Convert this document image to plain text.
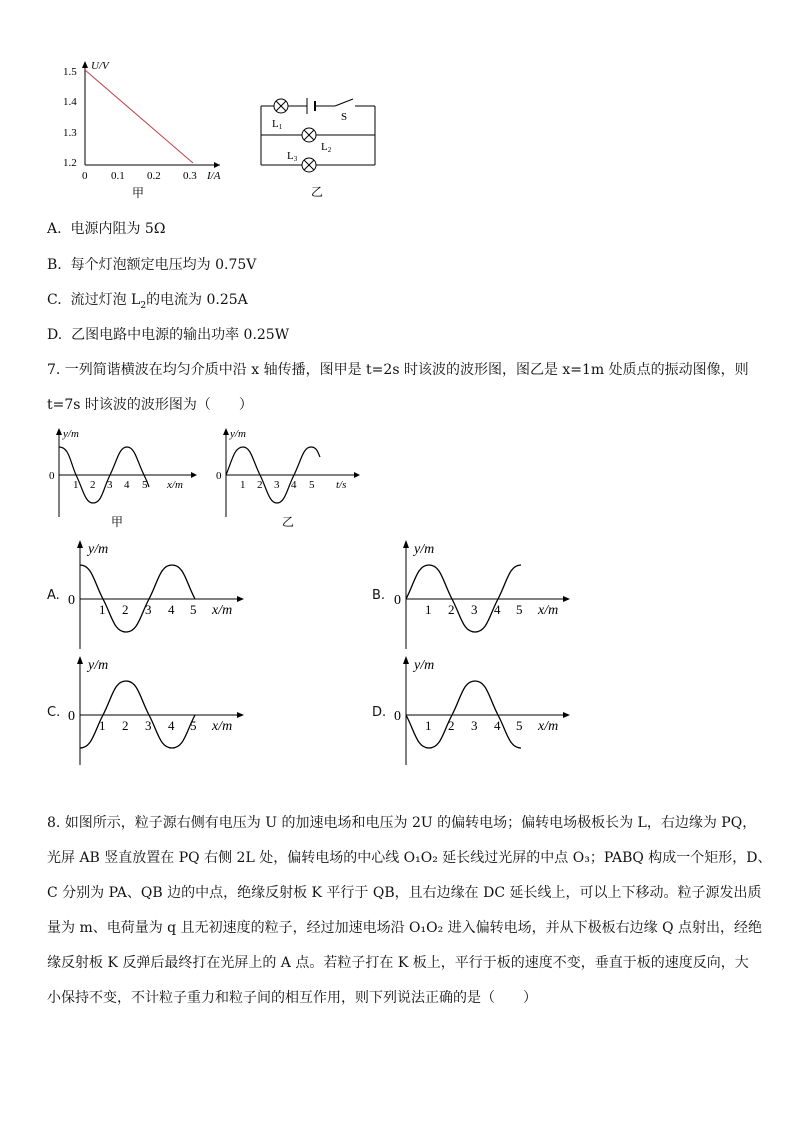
U/V
1.5
1.4
1.3
1.2
0 0.1 0.2 0.3 I/A
甲
L1
S
L2
L3
乙
A. 电源内阻为 5Ω
B. 每个灯泡额定电压均为 0.75V
C. 流过灯泡 $L_2$的电流为 0.25A
D. 乙图电路中电源的输出功率 0.25W
7. 一列简谐横波在均匀介质中沿 x 轴传播，图甲是 t=2s 时该波的波形图，图乙是 x=1m 处质点的振动图像，则
t=7s 时该波的波形图为（　　）
y/m
0
1 2 3 4 5 x/m
甲
y/m
0
1 2 3 4 5 t/s
乙
A.
y/m
0
1 2 3 4 5 x/m
B.
y/m
0
1 2 3 4 5 x/m
C.
y/m
0
1 2 3 4 5 x/m
D.
y/m
0
1 2 3 4 5 x/m
8. 如图所示，粒子源右侧有电压为 U 的加速电场和电压为 2U 的偏转电场；偏转电场极板长为 L，右边缘为 PQ，
光屏 AB 竖直放置在 PQ 右侧 2L 处，偏转电场的中心线 O₁O₂ 延长线过光屏的中点 O₃；PABQ 构成一个矩形，D、
C 分别为 PA、QB 边的中点，绝缘反射板 K 平行于 QB，且右边缘在 DC 延长线上，可以上下移动。粒子源发出质
量为 m、电荷量为 q 且无初速度的粒子，经过加速电场沿 O₁O₂ 进入偏转电场，并从下极板右边缘 Q 点射出，经绝
缘反射板 K 反弹后最终打在光屏上的 A 点。若粒子打在 K 板上，平行于板的速度不变，垂直于板的速度反向，大
小保持不变，不计粒子重力和粒子间的相互作用，则下列说法正确的是（　　）
